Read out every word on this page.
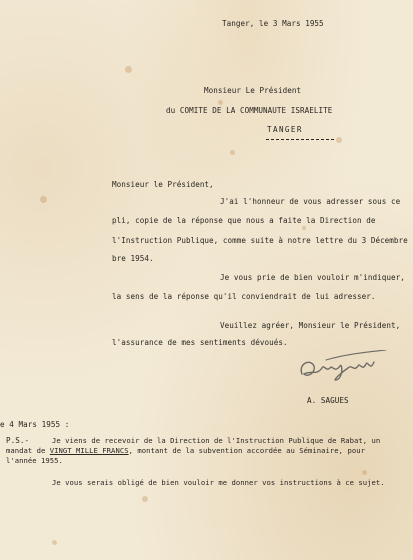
Tanger, le 3 Mars 1955
Monsieur Le Président
du COMITE DE LA COMMUNAUTE ISRAELITE
TANGER
Monsieur le Président,
J'ai l'honneur de vous adresser sous ce
pli, copie de la réponse que nous a faite la Direction de
l'Instruction Publique, comme suite à notre lettre du 3 Décembre
bre 1954.
Je vous prie de bien vouloir m'indiquer,
la sens de la réponse qu'il conviendrait de lui adresser.
Veuillez agréer, Monsieur le Président,
l'assurance de mes sentiments dévoués.
A. SAGUES
e 4 Mars 1955 :
P.S.-	Je viens de recevoir de la Direction de l'Instruction Publique de Rabat, un
mandat de VINGT MILLE FRANCS, montant de la subvention accordée au Séminaire, pour
l'année 1955.
Je vous serais obligé de bien vouloir me donner vos instructions à ce sujet.
